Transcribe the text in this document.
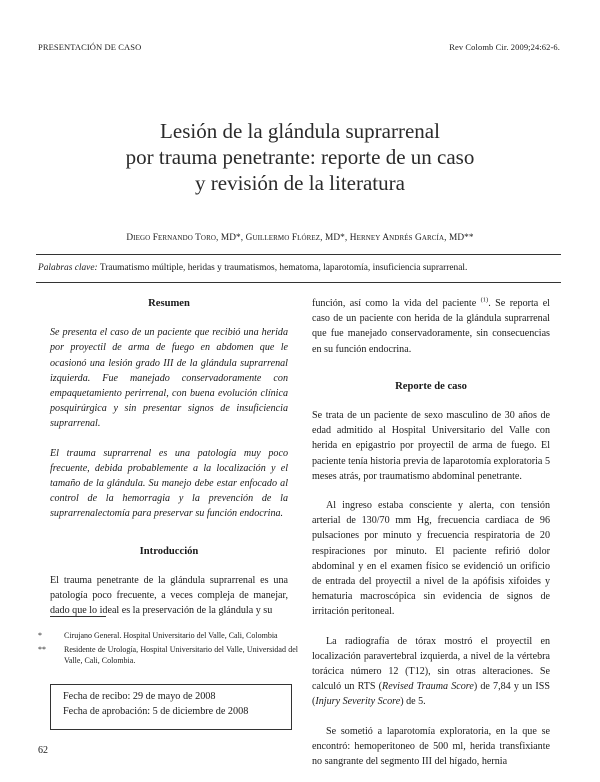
PRESENTACIÓN DE CASO	Rev Colomb Cir. 2009;24:62-6.
Lesión de la glándula suprarrenal
por trauma penetrante: reporte de un caso
y revisión de la literatura
Diego Fernando Toro, MD*, Guillermo Flórez, MD*, Herney Andrés García, MD**
Palabras clave: Traumatismo múltiple, heridas y traumatismos, hematoma, laparotomía, insuficiencia suprarrenal.

Resumen

Se presenta el caso de un paciente que recibió una herida por proyectil de arma de fuego en abdomen que le ocasionó una lesión grado III de la glándula suprarrenal izquierda. Fue manejado conservadoramente con empaquetamiento perirrenal, con buena evolución clínica posquirúrgica y sin presentar signos de insuficiencia suprarrenal.

El trauma suprarrenal es una patología muy poco frecuente, debida probablemente a la localización y el tamaño de la glándula. Su manejo debe estar enfocado al control de la hemorragia y la prevención de la suprarrenalectomía para preservar su función endocrina.

Introducción

El trauma penetrante de la glándula suprarrenal es una patología poco frecuente, a veces compleja de manejar, dado que lo ideal es la preservación de la glándula y su

*	Cirujano General. Hospital Universitario del Valle, Cali, Colombia
** Residente de Urología, Hospital Universitario del Valle, Universidad del Valle, Cali, Colombia.
Fecha de recibo: 29 de mayo de 2008
Fecha de aprobación: 5 de diciembre de 2008

función, así como la vida del paciente $^{(1)}$. Se reporta el caso de un paciente con herida de la glándula suprarrenal que fue manejado conservadoramente, sin consecuencias en su función endocrina.

Reporte de caso

Se trata de un paciente de sexo masculino de 30 años de edad admitido al Hospital Universitario del Valle con herida en epigastrio por proyectil de arma de fuego. El paciente tenía historia previa de laparotomía exploratoria 5 meses atrás, por traumatismo abdominal penetrante.

Al ingreso estaba consciente y alerta, con tensión arterial de 130/70 mm Hg, frecuencia cardiaca de 96 pulsaciones por minuto y frecuencia respiratoria de 20 respiraciones por minuto. El paciente refirió dolor abdominal y en el examen físico se evidenció un orificio de entrada del proyectil a nivel de la apófisis xifoides y hematuria macroscópica sin evidencia de signos de irritación peritoneal.

La radiografía de tórax mostró el proyectil en localización paravertebral izquierda, a nivel de la vértebra torácica número 12 (T12), sin otras alteraciones. Se calculó un RTS (Revised Trauma Score) de 7,84 y un ISS (Injury Severity Score) de 5.

Se sometió a laparotomía exploratoria, en la que se encontró: hemoperitoneo de 500 ml, herida transfixiante no sangrante del segmento III del hígado, hernia

62
